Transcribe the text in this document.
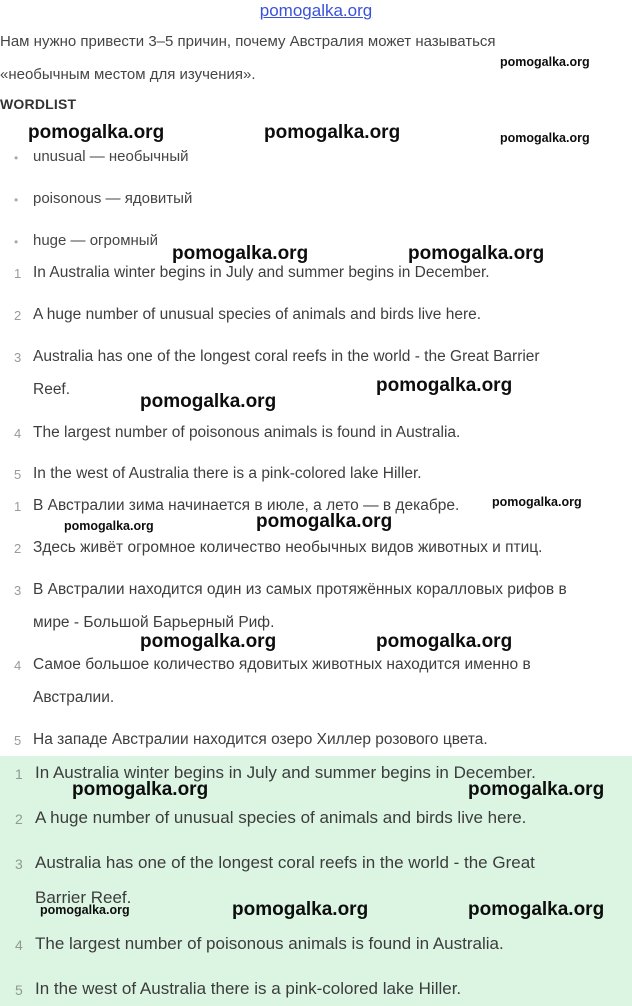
pomogalka.org
Нам нужно привести 3–5 причин, почему Австралия может называться
«необычным местом для изучения».
WORDLIST
• unusual — необычный
• poisonous — ядовитый
• huge — огромный
1 In Australia winter begins in July and summer begins in December.
2 A huge number of unusual species of animals and birds live here.
3 Australia has one of the longest coral reefs in the world - the Great Barrier
Reef.
4 The largest number of poisonous animals is found in Australia.
5 In the west of Australia there is a pink-colored lake Hiller.
1 В Австралии зима начинается в июле, а лето — в декабре.
2 Здесь живёт огромное количество необычных видов животных и птиц.
3 В Австралии находится один из самых протяжённых коралловых рифов в
мире - Большой Барьерный Риф.
4 Самое большое количество ядовитых животных находится именно в
Австралии.
5 На западе Австралии находится озеро Хиллер розового цвета.
1 In Australia winter begins in July and summer begins in December.
2 A huge number of unusual species of animals and birds live here.
3 Australia has one of the longest coral reefs in the world - the Great
Barrier Reef.
4 The largest number of poisonous animals is found in Australia.
5 In the west of Australia there is a pink-colored lake Hiller.
pomogalka.org
pomogalka.org	pomogalka.org	pomogalka.org
pomogalka.org	pomogalka.org
pomogalka.org
pomogalka.org
pomogalka.org
pomogalka.org
pomogalka.org
pomogalka.org	pomogalka.org
pomogalka.org	pomogalka.org
pomogalka.org	pomogalka.org	pomogalka.org
